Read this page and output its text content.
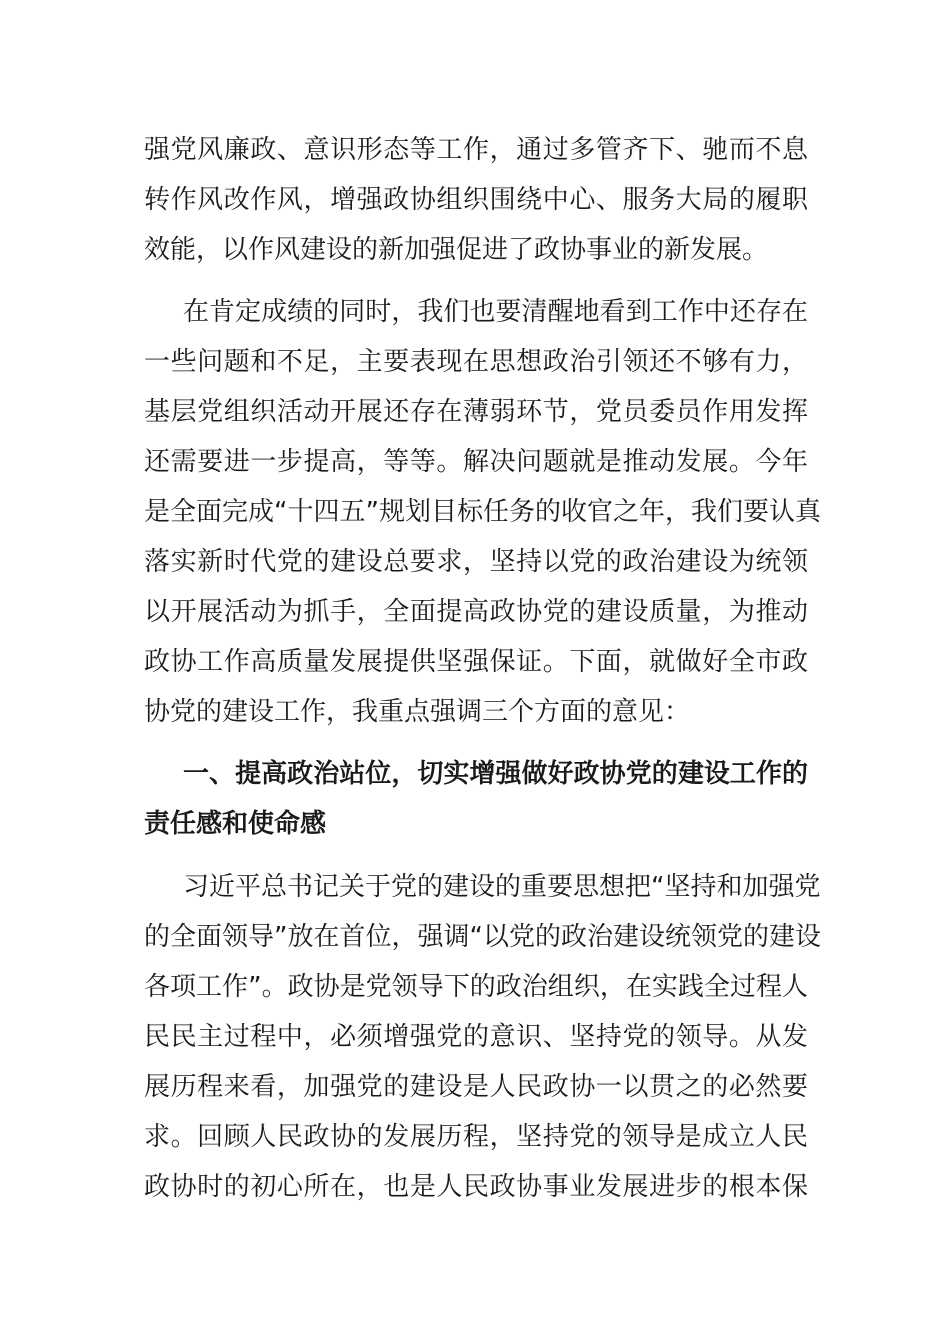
强党风廉政、意识形态等工作，通过多管齐下、驰而不息
转作风改作风，增强政协组织围绕中心、服务大局的履职
效能，以作风建设的新加强促进了政协事业的新发展。
在肯定成绩的同时，我们也要清醒地看到工作中还存在
一些问题和不足，主要表现在思想政治引领还不够有力，
基层党组织活动开展还存在薄弱环节，党员委员作用发挥
还需要进一步提高，等等。解决问题就是推动发展。今年
是全面完成“十四五”规划目标任务的收官之年，我们要认真
落实新时代党的建设总要求，坚持以党的政治建设为统领
以开展活动为抓手，全面提高政协党的建设质量，为推动
政协工作高质量发展提供坚强保证。下面，就做好全市政
协党的建设工作，我重点强调三个方面的意见：
一、提高政治站位，切实增强做好政协党的建设工作的
责任感和使命感
习近平总书记关于党的建设的重要思想把“坚持和加强党
的全面领导”放在首位，强调“以党的政治建设统领党的建设
各项工作”。政协是党领导下的政治组织，在实践全过程人
民民主过程中，必须增强党的意识、坚持党的领导。从发
展历程来看，加强党的建设是人民政协一以贯之的必然要
求。回顾人民政协的发展历程，坚持党的领导是成立人民
政协时的初心所在，也是人民政协事业发展进步的根本保
